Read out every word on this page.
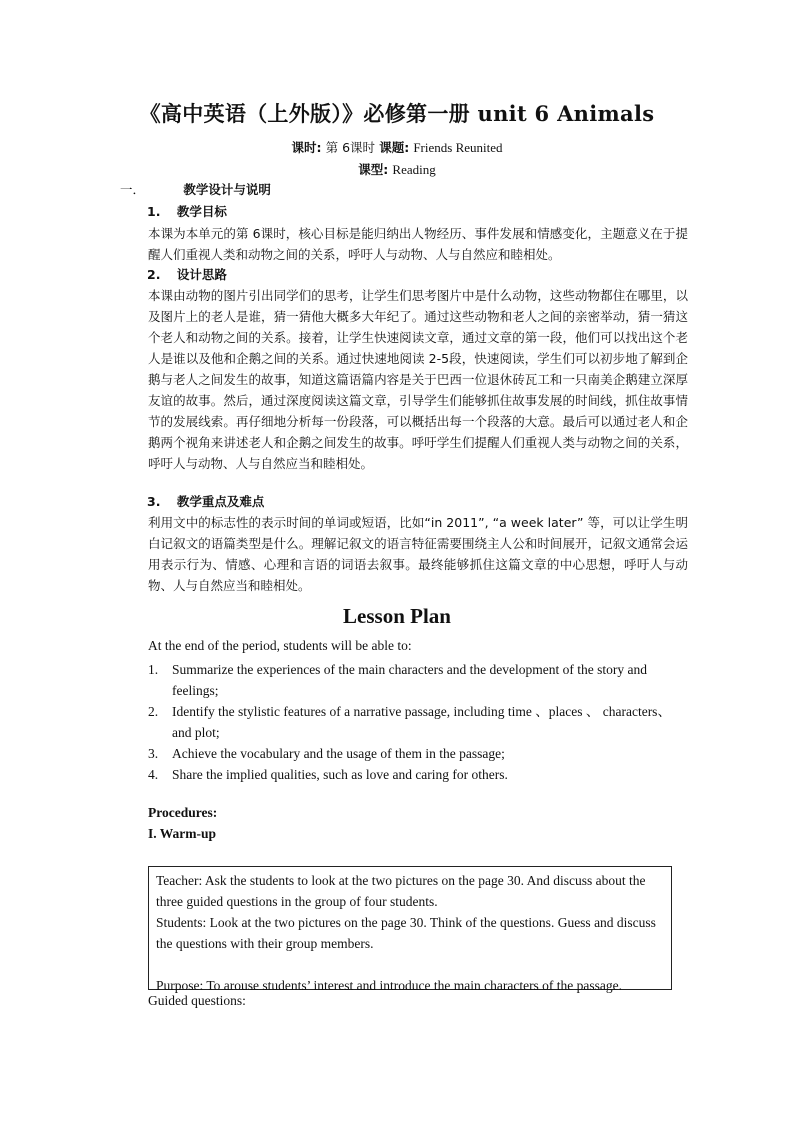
《高中英语（上外版）》必修第一册 unit 6 Animals
课时: 第 6课时 课题: Friends Reunited
课型: Reading
一．	教学设计与说明
1. 教学目标
本课为本单元的第 6课时，核心目标是能归纳出人物经历、事件发展和情感变化，主题意义在于提醒人们重视人类和动物之间的关系，呼吁人与动物、人与自然应和睦相处。
2. 设计思路
本课由动物的图片引出同学们的思考，让学生们思考图片中是什么动物，这些动物都住在哪里，以及图片上的老人是谁，猜一猜他大概多大年纪了。通过这些动物和老人之间的亲密举动，猜一猜这个老人和动物之间的关系。接着，让学生快速阅读文章，通过文章的第一段，他们可以找出这个老人是谁以及他和企鹅之间的关系。通过快速地阅读 2-5段，快速阅读，学生们可以初步地了解到企鹅与老人之间发生的故事，知道这篇语篇内容是关于巴西一位退休砖瓦工和一只南美企鹅建立深厚友谊的故事。然后，通过深度阅读这篇文章，引导学生们能够抓住故事发展的时间线，抓住故事情节的发展线索。再仔细地分析每一份段落，可以概括出每一个段落的大意。最后可以通过老人和企鹅两个视角来讲述老人和企鹅之间发生的故事。呼吁学生们提醒人们重视人类与动物之间的关系，呼吁人与动物、人与自然应当和睦相处。
3. 教学重点及难点
利用文中的标志性的表示时间的单词或短语，比如“in 2011”, “a week later” 等，可以让学生明白记叙文的语篇类型是什么。理解记叙文的语言特征需要围绕主人公和时间展开，记叙文通常会运用表示行为、情感、心理和言语的词语去叙事。最终能够抓住这篇文章的中心思想，呼吁人与动物、人与自然应当和睦相处。
Lesson Plan
At the end of the period, students will be able to:
1.	Summarize the experiences of the main characters and the development of the story and feelings;
2.	Identify the stylistic features of a narrative passage, including time 、places 、 characters、and plot;
3.	Achieve the vocabulary and the usage of them in the passage;
4.	Share the implied qualities, such as love and caring for others.
Procedures:
I. Warm-up

Teacher: Ask the students to look at the two pictures on the page 30. And discuss about the three guided questions in the group of four students.

Students: Look at the two pictures on the page 30. Think of the questions. Guess and discuss the questions with their group members.

Purpose: To arouse students’ interest and introduce the main characters of the passage.

Guided questions:
